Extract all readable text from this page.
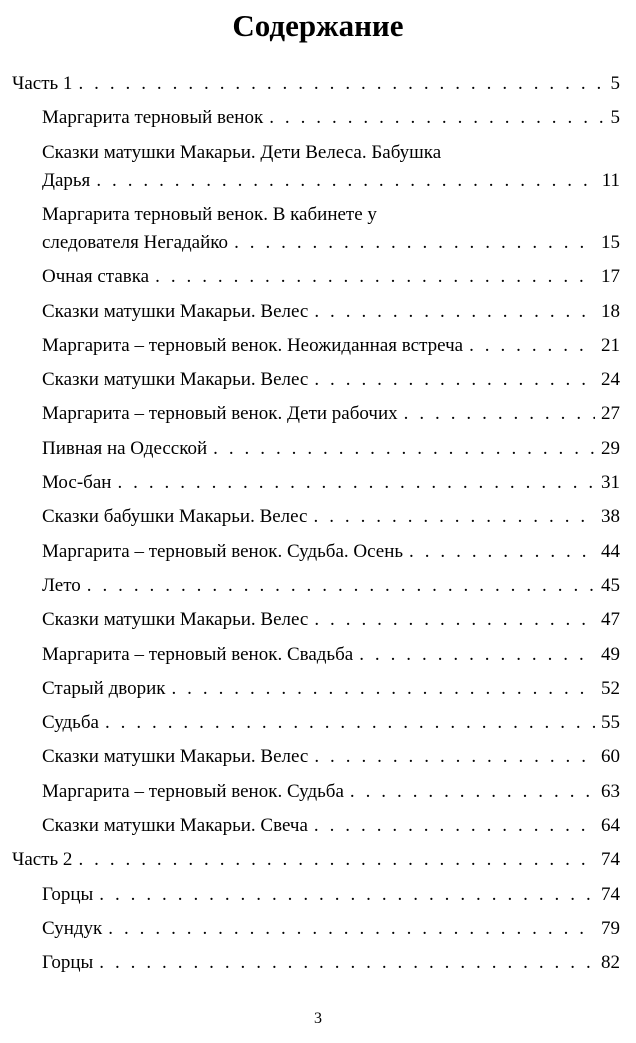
Содержание
Часть 1 . . .	5
Маргарита терновый венок . . .	5
Сказки матушки Макарьи. Дети Велеса. Бабушка
Дарья . . .	11
Маргарита терновый венок. В кабинете у
следователя Негадайко . . .	15
Очная ставка . . .	17
Сказки матушки Макарьи. Велес . . .	18
Маргарита – терновый венок. Неожиданная встреча . . .	21
Сказки матушки Макарьи. Велес . . .	24
Маргарита – терновый венок. Дети рабочих . . .	27
Пивная на Одесской . . .	29
Мос-бан . . .	31
Сказки бабушки Макарьи. Велес . . .	38
Маргарита – терновый венок. Судьба. Осень . . .	44
Лето . . .	45
Сказки матушки Макарьи. Велес . . .	47
Маргарита – терновый венок. Свадьба . . .	49
Старый дворик . . .	52
Судьба . . .	55
Сказки матушки Макарьи. Велес . . .	60
Маргарита – терновый венок. Судьба . . .	63
Сказки матушки Макарьи. Свеча . . .	64
Часть 2 . . .	74
Горцы . . .	74
Сундук . . .	79
Горцы . . .	82
3
